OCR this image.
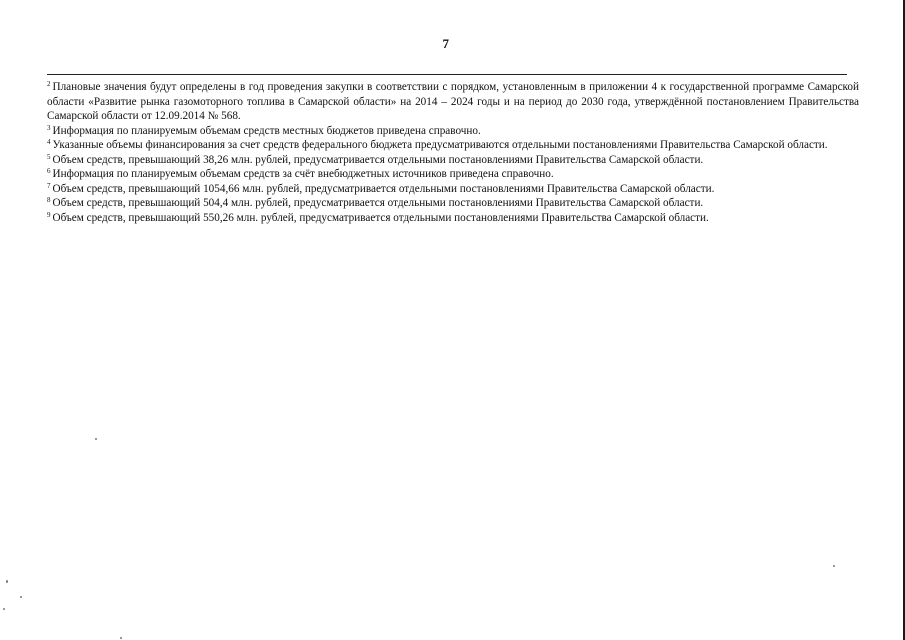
7

$^2$ Плановые значения будут определены в год проведения закупки в соответствии с порядком, установленным в приложении 4 к государственной программе Самарской области «Развитие рынка газомоторного топлива в Самарской области» на 2014 – 2024 годы и на период до 2030 года, утверждённой постановлением Правительства Самарской области от 12.09.2014 № 568.

$^3$ Информация по планируемым объемам средств местных бюджетов приведена справочно.

$^4$ Указанные объемы финансирования за счет средств федерального бюджета предусматриваются отдельными постановлениями Правительства Самарской области.

$^5$ Объем средств, превышающий 38,26 млн. рублей, предусматривается отдельными постановлениями Правительства Самарской области.

$^6$ Информация по планируемым объемам средств за счёт внебюджетных источников приведена справочно.

$^7$ Объем средств, превышающий 1054,66 млн. рублей, предусматривается отдельными постановлениями Правительства Самарской области.

$^8$ Объем средств, превышающий 504,4 млн. рублей, предусматривается отдельными постановлениями Правительства Самарской области.

$^9$ Объем средств, превышающий 550,26 млн. рублей, предусматривается отдельными постановлениями Правительства Самарской области.
